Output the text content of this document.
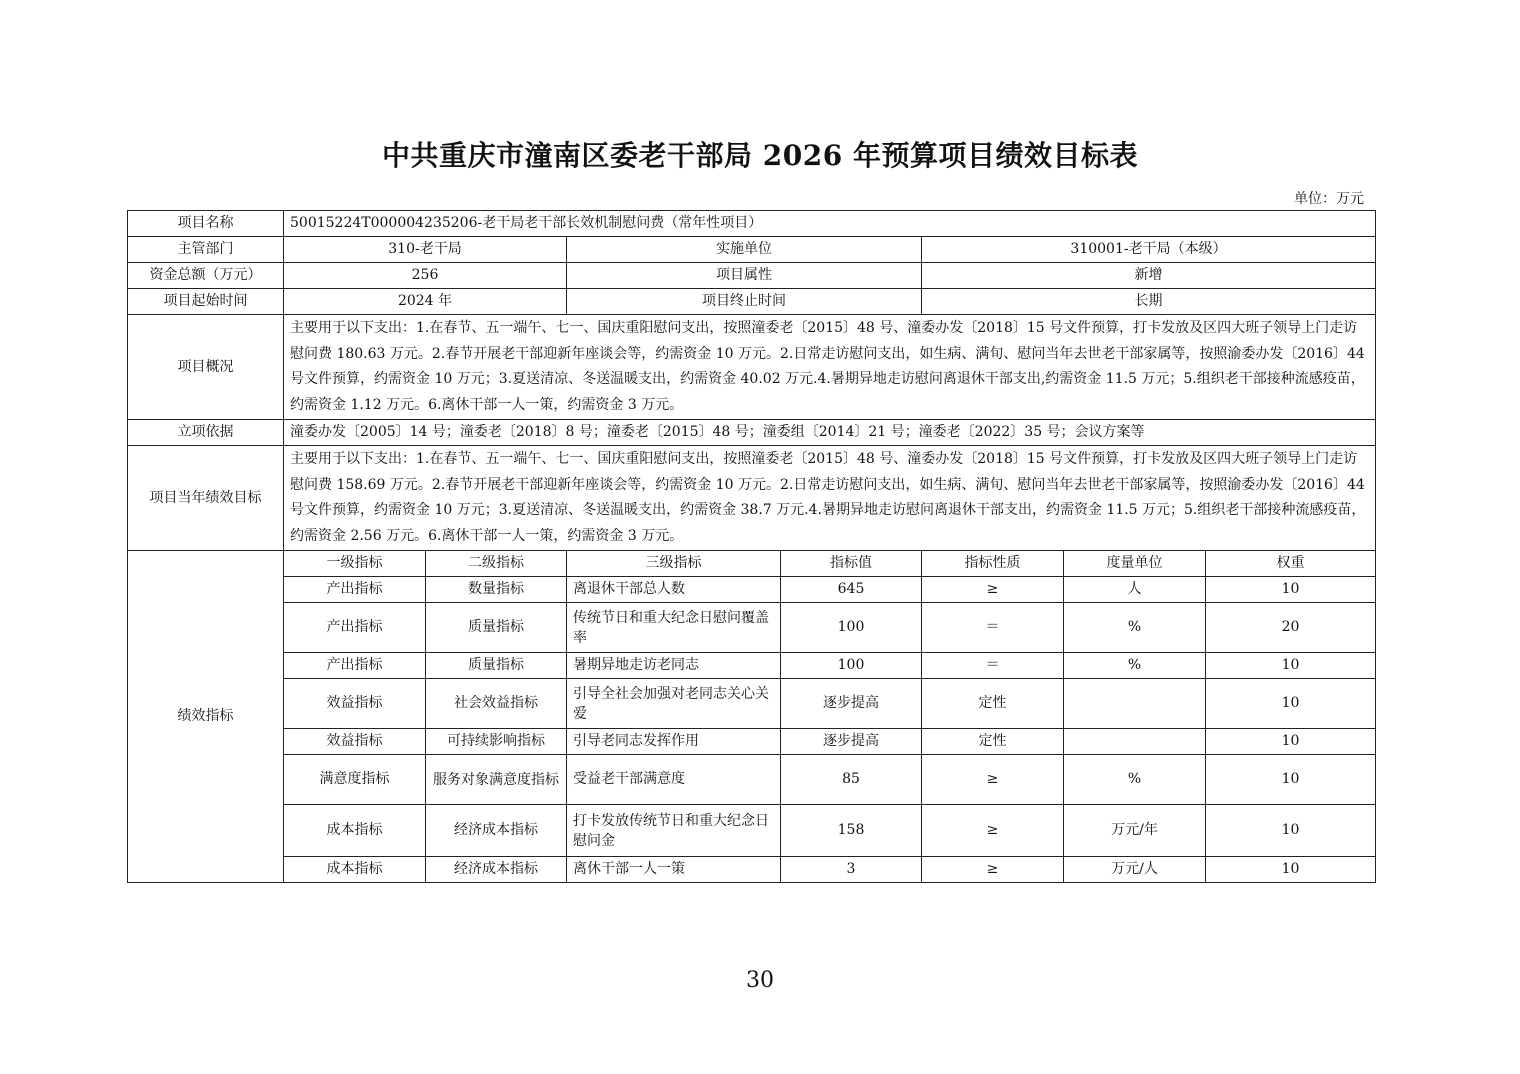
中共重庆市潼南区委老干部局 2026 年预算项目绩效目标表
单位：万元
项目名称	50015224T000004235206-老干局老干部长效机制慰问费（常年性项目）						
主管部门	310-老干局		实施单位		310001-老干局（本级）		
资金总额（万元）	256		项目属性		新增		
项目起始时间	2024 年		项目终止时间		长期		
项目概况	主要用于以下支出：1.在春节、五一端午、七一、国庆重阳慰问支出，按照潼委老〔2015〕48 号、潼委办发〔2018〕15 号文件预算，打卡发放及区四大班子领导上门走访慰问费 180.63 万元。2.春节开展老干部迎新年座谈会等，约需资金 10 万元。2.日常走访慰问支出，如生病、满旬、慰问当年去世老干部家属等，按照渝委办发〔2016〕44 号文件预算，约需资金 10 万元；3.夏送清凉、冬送温暖支出，约需资金 40.02 万元.4.暑期异地走访慰问离退休干部支出,约需资金 11.5 万元；5.组织老干部接种流感疫苗，约需资金 1.12 万元。6.离休干部一人一策，约需资金 3 万元。						
立项依据	潼委办发〔2005〕14 号；潼委老〔2018〕8 号；潼委老〔2015〕48 号；潼委组〔2014〕21 号；潼委老〔2022〕35 号；会议方案等						
项目当年绩效目标	主要用于以下支出：1.在春节、五一端午、七一、国庆重阳慰问支出，按照潼委老〔2015〕48 号、潼委办发〔2018〕15 号文件预算，打卡发放及区四大班子领导上门走访慰问费 158.69 万元。2.春节开展老干部迎新年座谈会等，约需资金 10 万元。2.日常走访慰问支出，如生病、满旬、慰问当年去世老干部家属等，按照渝委办发〔2016〕44 号文件预算，约需资金 10 万元；3.夏送清凉、冬送温暖支出，约需资金 38.7 万元.4.暑期异地走访慰问离退休干部支出，约需资金 11.5 万元；5.组织老干部接种流感疫苗，约需资金 2.56 万元。6.离休干部一人一策，约需资金 3 万元。						
绩效指标	一级指标	二级指标	三级指标	指标值	指标性质	度量单位	权重
	产出指标	数量指标	离退休干部总人数	645	≥	人	10
	产出指标	质量指标	传统节日和重大纪念日慰问覆盖率	100	＝	%	20
	产出指标	质量指标	暑期异地走访老同志	100	＝	%	10
	效益指标	社会效益指标	引导全社会加强对老同志关心关爱	逐步提高	定性		10
	效益指标	可持续影响指标	引导老同志发挥作用	逐步提高	定性		10
	满意度指标	服务对象满意度指标	受益老干部满意度	85	≥	%	10
	成本指标	经济成本指标	打卡发放传统节日和重大纪念日慰问金	158	≥	万元/年	10
	成本指标	经济成本指标	离休干部一人一策	3	≥	万元/人	10
30
